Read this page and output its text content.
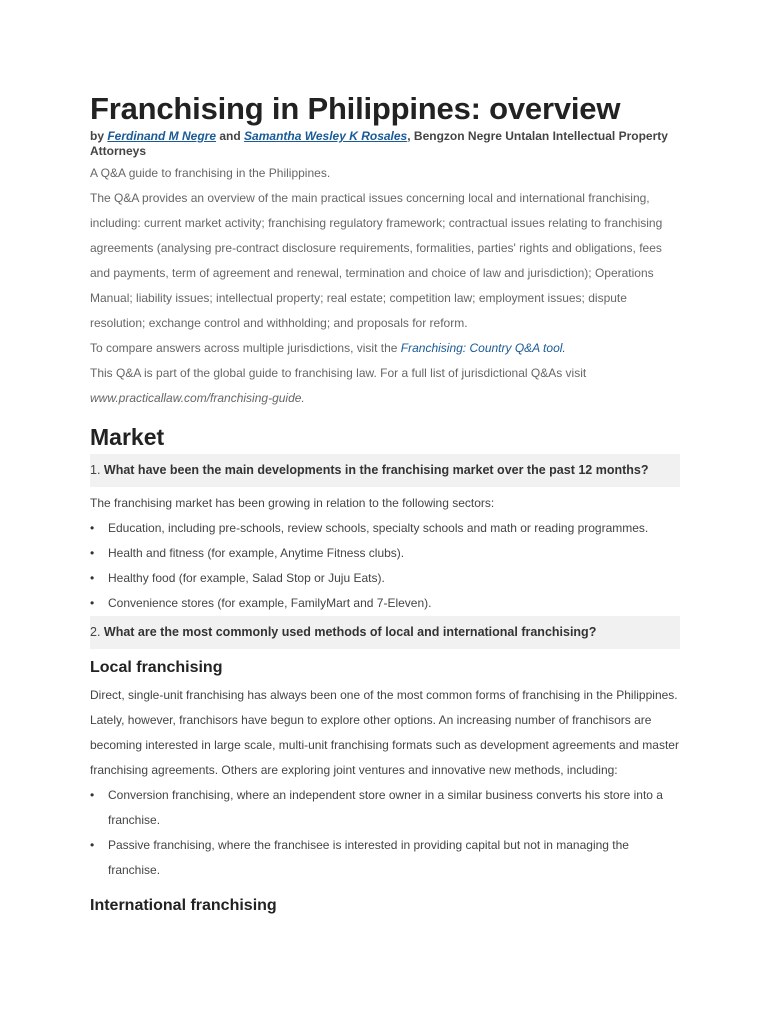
Franchising in Philippines: overview
by Ferdinand M Negre and Samantha Wesley K Rosales, Bengzon Negre Untalan Intellectual Property Attorneys

A Q&A guide to franchising in the Philippines.

The Q&A provides an overview of the main practical issues concerning local and international franchising, including: current market activity; franchising regulatory framework; contractual issues relating to franchising agreements (analysing pre-contract disclosure requirements, formalities, parties' rights and obligations, fees and payments, term of agreement and renewal, termination and choice of law and jurisdiction); Operations Manual; liability issues; intellectual property; real estate; competition law; employment issues; dispute resolution; exchange control and withholding; and proposals for reform.

To compare answers across multiple jurisdictions, visit the Franchising: Country Q&A tool.

This Q&A is part of the global guide to franchising law. For a full list of jurisdictional Q&As visit www.practicallaw.com/franchising-guide.

Market
1. What have been the main developments in the franchising market over the past 12 months?
The franchising market has been growing in relation to the following sectors:
• Education, including pre-schools, review schools, specialty schools and math or reading programmes.
• Health and fitness (for example, Anytime Fitness clubs).
• Healthy food (for example, Salad Stop or Juju Eats).
• Convenience stores (for example, FamilyMart and 7-Eleven).
2. What are the most commonly used methods of local and international franchising?
Local franchising
Direct, single-unit franchising has always been one of the most common forms of franchising in the Philippines. Lately, however, franchisors have begun to explore other options. An increasing number of franchisors are becoming interested in large scale, multi-unit franchising formats such as development agreements and master franchising agreements. Others are exploring joint ventures and innovative new methods, including:
• Conversion franchising, where an independent store owner in a similar business converts his store into a franchise.
• Passive franchising, where the franchisee is interested in providing capital but not in managing the franchise.
International franchising
